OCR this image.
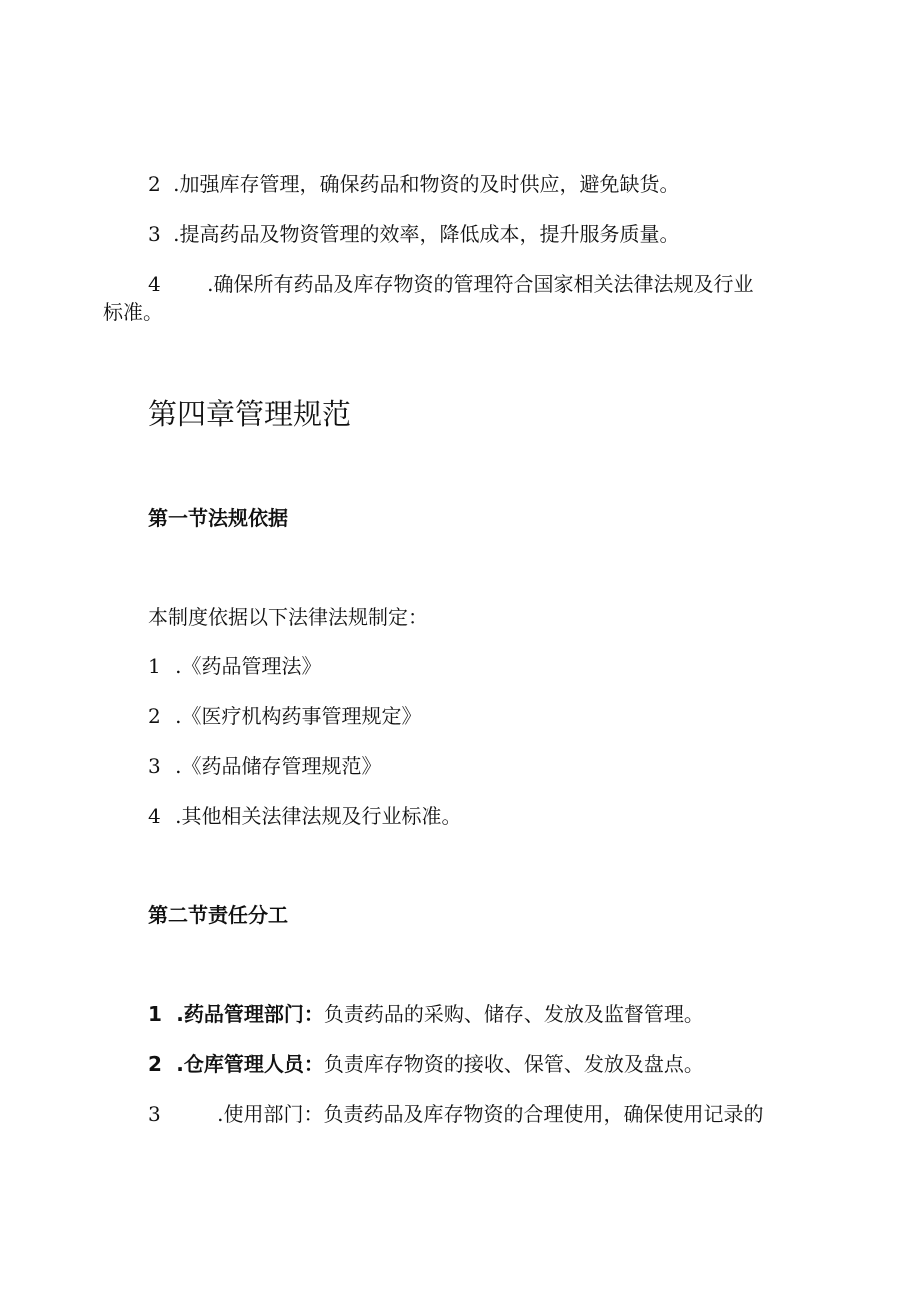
2 .加强库存管理，确保药品和物资的及时供应，避免缺货。
3 .提高药品及物资管理的效率，降低成本，提升服务质量。
4 .确保所有药品及库存物资的管理符合国家相关法律法规及行业
标准。
第四章管理规范
第一节法规依据
本制度依据以下法律法规制定：
1 .《药品管理法》
2 .《医疗机构药事管理规定》
3 .《药品储存管理规范》
4 .其他相关法律法规及行业标准。
第二节责任分工
1 .药品管理部门：负责药品的采购、储存、发放及监督管理。
2 .仓库管理人员：负责库存物资的接收、保管、发放及盘点。
3	.使用部门：负责药品及库存物资的合理使用，确保使用记录的
